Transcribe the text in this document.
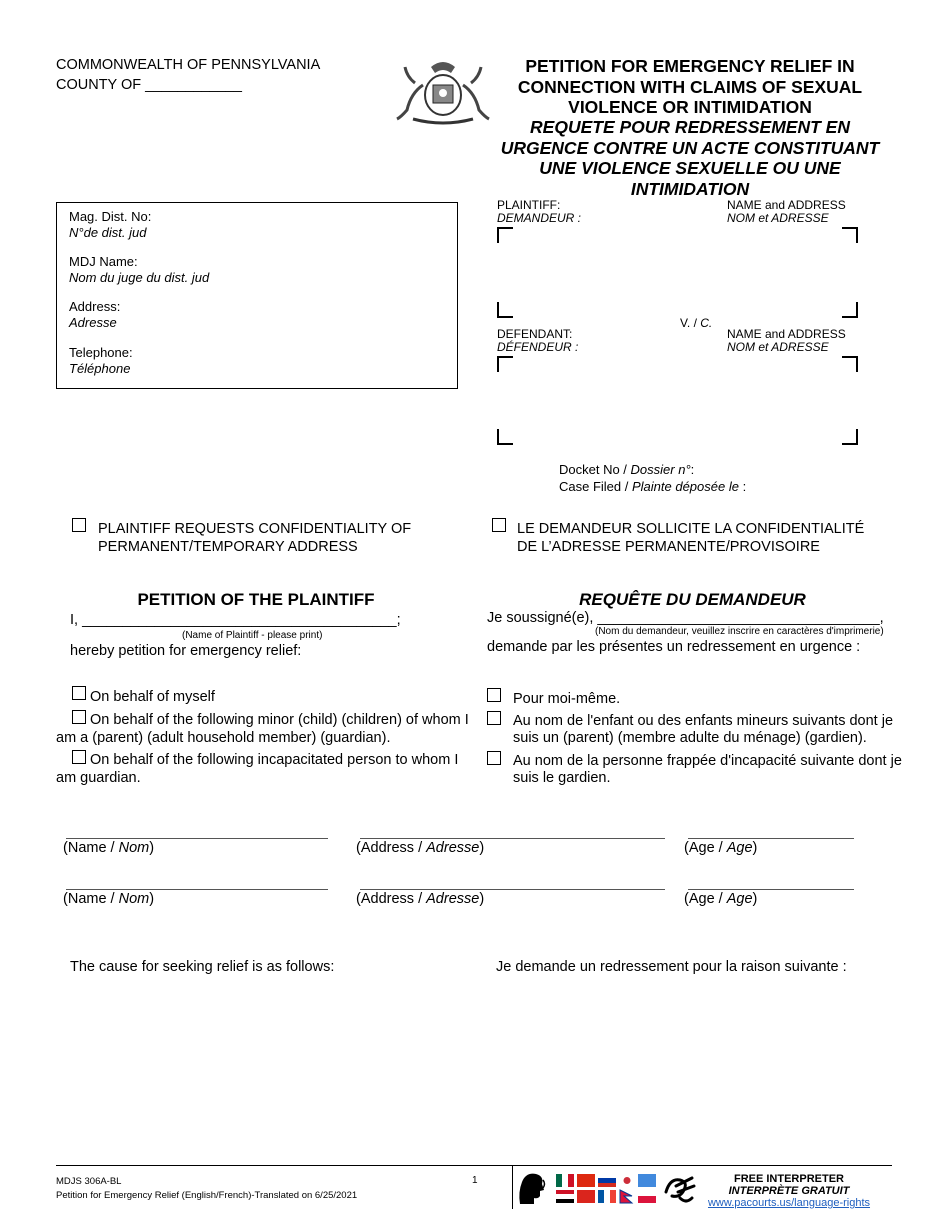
COMMONWEALTH OF PENNSYLVANIA
COUNTY OF ____________
PETITION FOR EMERGENCY RELIEF IN CONNECTION WITH CLAIMS OF SEXUAL VIOLENCE OR INTIMIDATION
REQUETE POUR REDRESSEMENT EN URGENCE CONTRE UN ACTE CONSTITUANT UNE VIOLENCE SEXUELLE OU UNE INTIMIDATION
Mag. Dist. No:
N°de dist. jud
MDJ Name:
Nom du juge du dist. jud
Address:
Adresse
Telephone:
Téléphone
PLAINTIFF:
DEMANDEUR :
NAME and ADDRESS
NOM et ADRESSE
V. / C.
DEFENDANT:
DÉFENDEUR :
NAME and ADDRESS
NOM et ADRESSE
Docket No / Dossier n°:
Case Filed / Plainte déposée le :
PLAINTIFF REQUESTS CONFIDENTIALITY OF PERMANENT/TEMPORARY ADDRESS
LE DEMANDEUR SOLLICITE LA CONFIDENTIALITÉ DE L’ADRESSE PERMANENTE/PROVISOIRE
PETITION OF THE PLAINTIFF	REQUÊTE DU DEMANDEUR
I, _______________________________________;
(Name of Plaintiff - please print)
hereby petition for emergency relief:
Je soussigné(e), ___________________________________,
(Nom du demandeur, veuillez inscrire en caractères d'imprimerie)
demande par les présentes un redressement en urgence :
On behalf of myself
On behalf of the following minor (child) (children) of whom I am a (parent) (adult household member) (guardian).
On behalf of the following incapacitated person to whom I am guardian.
Pour moi-même.
Au nom de l'enfant ou des enfants mineurs suivants dont je suis un (parent) (membre adulte du ménage) (gardien).
Au nom de la personne frappée d'incapacité suivante dont je suis le gardien.
(Name / Nom)	(Address / Adresse)	(Age / Age)
(Name / Nom)	(Address / Adresse)	(Age / Age)
The cause for seeking relief is as follows:	Je demande un redressement pour la raison suivante :
MDJS 306A-BL
Petition for Emergency Relief (English/French)-Translated on 6/25/2021
1	FREE INTERPRETER
INTERPRÈTE GRATUIT
www.pacourts.us/language-rights
